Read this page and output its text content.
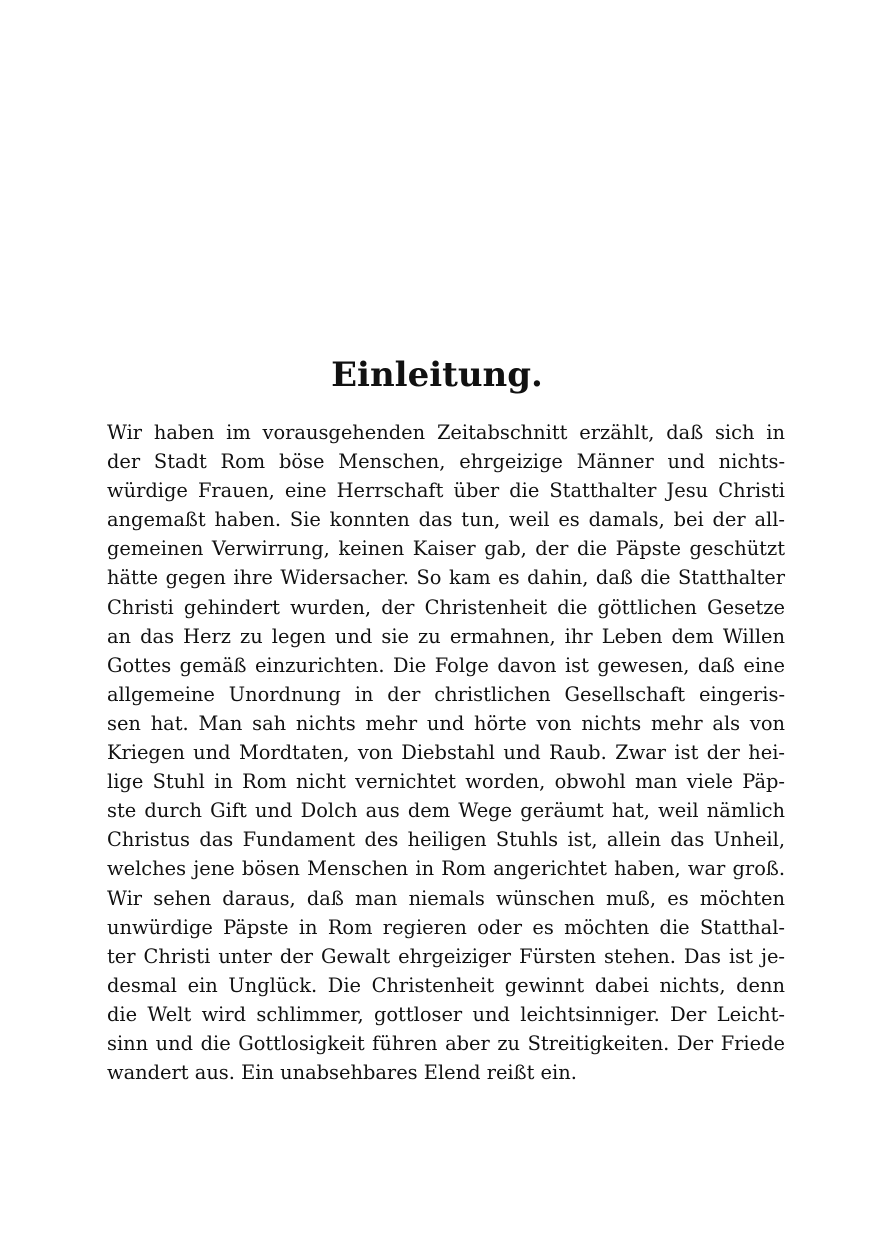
Einleitung.
Wir haben im vorausgehenden Zeitabschnitt erzählt, daß sich in
der Stadt Rom böse Menschen, ehrgeizige Männer und nichts-
würdige Frauen, eine Herrschaft über die Statthalter Jesu Christi
angemaßt haben. Sie konnten das tun, weil es damals, bei der all-
gemeinen Verwirrung, keinen Kaiser gab, der die Päpste geschützt
hätte gegen ihre Widersacher. So kam es dahin, daß die Statthalter
Christi gehindert wurden, der Christenheit die göttlichen Gesetze
an das Herz zu legen und sie zu ermahnen, ihr Leben dem Willen
Gottes gemäß einzurichten. Die Folge davon ist gewesen, daß eine
allgemeine Unordnung in der christlichen Gesellschaft eingeris-
sen hat. Man sah nichts mehr und hörte von nichts mehr als von
Kriegen und Mordtaten, von Diebstahl und Raub. Zwar ist der hei-
lige Stuhl in Rom nicht vernichtet worden, obwohl man viele Päp-
ste durch Gift und Dolch aus dem Wege geräumt hat, weil nämlich
Christus das Fundament des heiligen Stuhls ist, allein das Unheil,
welches jene bösen Menschen in Rom angerichtet haben, war groß.
Wir sehen daraus, daß man niemals wünschen muß, es möchten
unwürdige Päpste in Rom regieren oder es möchten die Statthal-
ter Christi unter der Gewalt ehrgeiziger Fürsten stehen. Das ist je-
desmal ein Unglück. Die Christenheit gewinnt dabei nichts, denn
die Welt wird schlimmer, gottloser und leichtsinniger. Der Leicht-
sinn und die Gottlosigkeit führen aber zu Streitigkeiten. Der Friede
wandert aus. Ein unabsehbares Elend reißt ein.
